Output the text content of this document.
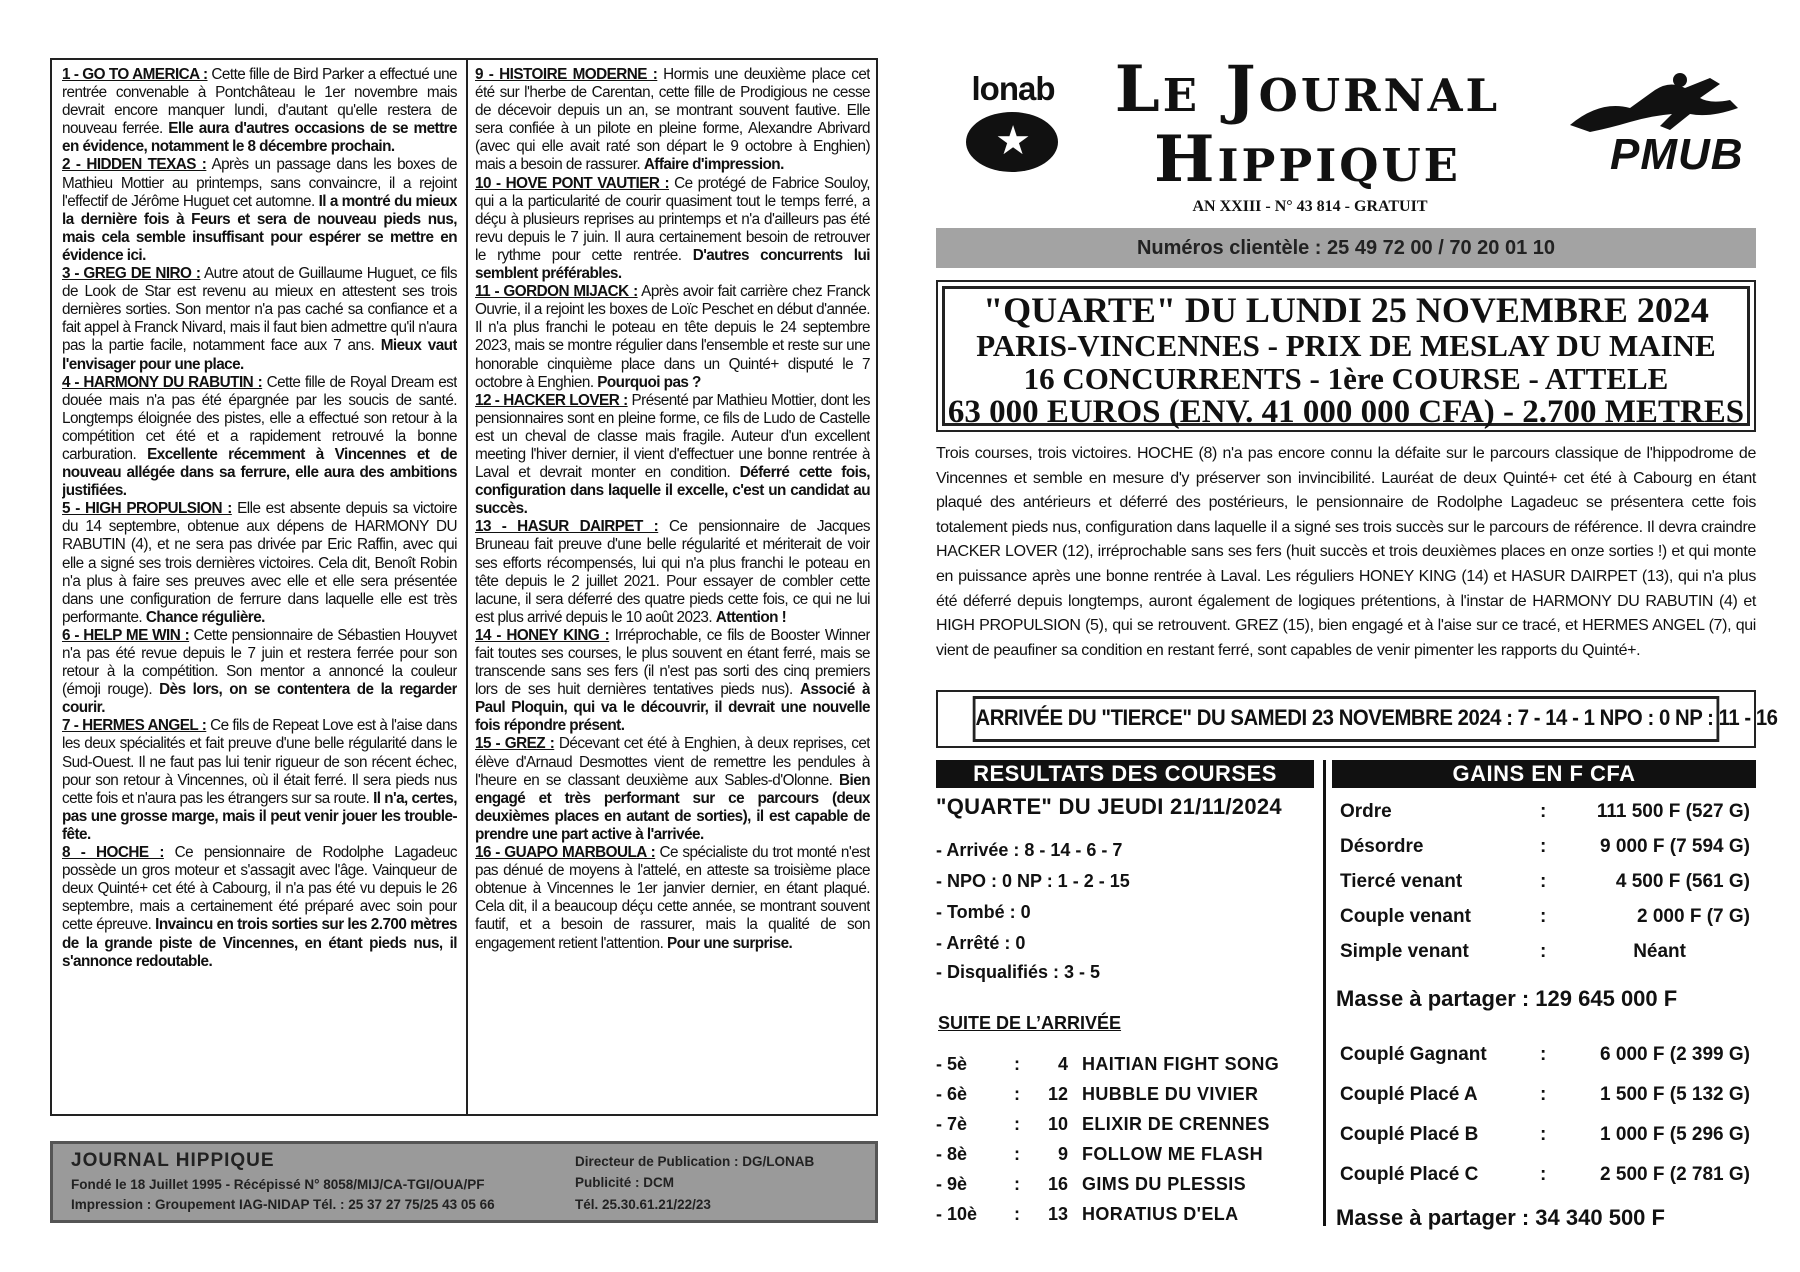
1 - GO TO AMERICA : Cette fille de Bird Parker a effectué une rentrée convenable à Pontchâteau le 1er novembre mais devrait encore manquer lundi, d'autant qu'elle restera de nouveau ferrée. Elle aura d'autres occasions de se mettre en évidence, notamment le 8 décembre prochain.

2 - HIDDEN TEXAS : Après un passage dans les boxes de Mathieu Mottier au printemps, sans convaincre, il a rejoint l'effectif de Jérôme Huguet cet automne. Il a montré du mieux la dernière fois à Feurs et sera de nouveau pieds nus, mais cela semble insuffisant pour espérer se mettre en évidence ici.

3 - GREG DE NIRO : Autre atout de Guillaume Huguet, ce fils de Look de Star est revenu au mieux en attestent ses trois dernières sorties. Son mentor n'a pas caché sa confiance et a fait appel à Franck Nivard, mais il faut bien admettre qu'il n'aura pas la partie facile, notamment face aux 7 ans. Mieux vaut l'envisager pour une place.

4 - HARMONY DU RABUTIN : Cette fille de Royal Dream est douée mais n'a pas été épargnée par les soucis de santé. Longtemps éloignée des pistes, elle a effectué son retour à la compétition cet été et a rapidement retrouvé la bonne carburation. Excellente récemment à Vincennes et de nouveau allégée dans sa ferrure, elle aura des ambitions justifiées.

5 - HIGH PROPULSION : Elle est absente depuis sa victoire du 14 septembre, obtenue aux dépens de HARMONY DU RABUTIN (4), et ne sera pas drivée par Eric Raffin, avec qui elle a signé ses trois dernières victoires. Cela dit, Benoît Robin n'a plus à faire ses preuves avec elle et elle sera présentée dans une configuration de ferrure dans laquelle elle est très performante. Chance régulière.

6 - HELP ME WIN : Cette pensionnaire de Sébastien Houyvet n'a pas été revue depuis le 7 juin et restera ferrée pour son retour à la compétition. Son mentor a annoncé la couleur (émoji rouge). Dès lors, on se contentera de la regarder courir.

7 - HERMES ANGEL : Ce fils de Repeat Love est à l'aise dans les deux spécialités et fait preuve d'une belle régularité dans le Sud-Ouest. Il ne faut pas lui tenir rigueur de son récent échec, pour son retour à Vincennes, où il était ferré. Il sera pieds nus cette fois et n'aura pas les étrangers sur sa route. Il n'a, certes, pas une grosse marge, mais il peut venir jouer les trouble-fête.

8 - HOCHE : Ce pensionnaire de Rodolphe Lagadeuc possède un gros moteur et s'assagit avec l'âge. Vainqueur de deux Quinté+ cet été à Cabourg, il n'a pas été vu depuis le 26 septembre, mais a certainement été préparé avec soin pour cette épreuve. Invaincu en trois sorties sur les 2.700 mètres de la grande piste de Vincennes, en étant pieds nus, il s'annonce redoutable.

9 - HISTOIRE MODERNE : Hormis une deuxième place cet été sur l'herbe de Carentan, cette fille de Prodigious ne cesse de décevoir depuis un an, se montrant souvent fautive. Elle sera confiée à un pilote en pleine forme, Alexandre Abrivard (avec qui elle avait raté son départ le 9 octobre à Enghien) mais a besoin de rassurer. Affaire d'impression.

10 - HOVE PONT VAUTIER : Ce protégé de Fabrice Souloy, qui a la particularité de courir quasiment tout le temps ferré, a déçu à plusieurs reprises au printemps et n'a d'ailleurs pas été revu depuis le 7 juin. Il aura certainement besoin de retrouver le rythme pour cette rentrée. D'autres concurrents lui semblent préférables.

11 - GORDON MIJACK : Après avoir fait carrière chez Franck Ouvrie, il a rejoint les boxes de Loïc Peschet en début d'année. Il n'a plus franchi le poteau en tête depuis le 24 septembre 2023, mais se montre régulier dans l'ensemble et reste sur une honorable cinquième place dans un Quinté+ disputé le 7 octobre à Enghien. Pourquoi pas ?

12 - HACKER LOVER : Présenté par Mathieu Mottier, dont les pensionnaires sont en pleine forme, ce fils de Ludo de Castelle est un cheval de classe mais fragile. Auteur d'un excellent meeting l'hiver dernier, il vient d'effectuer une bonne rentrée à Laval et devrait monter en condition. Déferré cette fois, configuration dans laquelle il excelle, c'est un candidat au succès.

13 - HASUR DAIRPET : Ce pensionnaire de Jacques Bruneau fait preuve d'une belle régularité et mériterait de voir ses efforts récompensés, lui qui n'a plus franchi le poteau en tête depuis le 2 juillet 2021. Pour essayer de combler cette lacune, il sera déferré des quatre pieds cette fois, ce qui ne lui est plus arrivé depuis le 10 août 2023. Attention !

14 - HONEY KING : Irréprochable, ce fils de Booster Winner fait toutes ses courses, le plus souvent en étant ferré, mais se transcende sans ses fers (il n'est pas sorti des cinq premiers lors de ses huit dernières tentatives pieds nus). Associé à Paul Ploquin, qui va le découvrir, il devrait une nouvelle fois répondre présent.

15 - GREZ : Décevant cet été à Enghien, à deux reprises, cet élève d'Arnaud Desmottes vient de remettre les pendules à l'heure en se classant deuxième aux Sables-d'Olonne. Bien engagé et très performant sur ce parcours (deux deuxièmes places en autant de sorties), il est capable de prendre une part active à l'arrivée.

16 - GUAPO MARBOULA : Ce spécialiste du trot monté n'est pas dénué de moyens à l'attelé, en atteste sa troisième place obtenue à Vincennes le 1er janvier dernier, en étant plaqué. Cela dit, il a beaucoup déçu cette année, se montrant souvent fautif, et a besoin de rassurer, mais la qualité de son engagement retient l'attention. Pour une surprise.

JOURNAL HIPPIQUE
Fondé le 18 Juillet 1995 - Récépissé N° 8058/MIJ/CA-TGI/OUA/PF
Impression : Groupement IAG-NIDAP Tél. : 25 37 27 75/25 43 05 66
Directeur de Publication : DG/LONAB
Publicité : DCM
Tél. 25.30.61.21/22/23
lonab
★
Le Journal
Hippique	PMUB
AN XXIII - N° 43 814 - GRATUIT
Numéros clientèle : 25 49 72 00 / 70 20 01 10
"QUARTE" DU LUNDI 25 NOVEMBRE 2024
PARIS-VINCENNES - PRIX DE MESLAY DU MAINE
16 CONCURRENTS - 1ère COURSE - ATTELE
63 000 EUROS (ENV. 41 000 000 CFA) - 2.700 METRES
Trois courses, trois victoires. HOCHE (8) n'a pas encore connu la défaite sur le parcours classique de l'hippodrome de Vincennes et semble en mesure d'y préserver son invincibilité. Lauréat de deux Quinté+ cet été à Cabourg en étant plaqué des antérieurs et déferré des postérieurs, le pensionnaire de Rodolphe Lagadeuc se présentera cette fois totalement pieds nus, configuration dans laquelle il a signé ses trois succès sur le parcours de référence. Il devra craindre HACKER LOVER (12), irréprochable sans ses fers (huit succès et trois deuxièmes places en onze sorties !) et qui monte en puissance après une bonne rentrée à Laval. Les réguliers HONEY KING (14) et HASUR DAIRPET (13), qui n'a plus été déferré depuis longtemps, auront également de logiques prétentions, à l'instar de HARMONY DU RABUTIN (4) et HIGH PROPULSION (5), qui se retrouvent. GREZ (15), bien engagé et à l'aise sur ce tracé, et HERMES ANGEL (7), qui vient de peaufiner sa condition en restant ferré, sont capables de venir pimenter les rapports du Quinté+.
ARRIVÉE DU "TIERCE" DU SAMEDI 23 NOVEMBRE 2024 : 7 - 14 - 1 NPO : 0 NP : 11 - 16
RESULTATS DES COURSES	GAINS EN F CFA
"QUARTE" DU JEUDI 21/11/2024
- Arrivée : 8 - 14 - 6 - 7
- NPO : 0 NP : 1 - 2 - 15
- Tombé : 0
- Arrêté : 0
- Disqualifiés : 3 - 5
SUITE DE L’ARRIVÉE
- 5è	:	4 HAITIAN FIGHT SONG
- 6è	:	12 HUBBLE DU VIVIER
- 7è	:	10 ELIXIR DE CRENNES
- 8è	:	9 FOLLOW ME FLASH
- 9è	:	16 GIMS DU PLESSIS
- 10è :	13 HORATIUS D'ELA
Ordre	:	111 500 F (527 G)
Désordre	:	9 000 F (7 594 G)
Tiercé venant	:	4 500 F (561 G)
Couple venant	:	2 000 F (7 G)
Simple venant	:	Néant
Masse à partager : 129 645 000 F
Couplé Gagnant	:	6 000 F (2 399 G)
Couplé Placé A	:	1 500 F (5 132 G)
Couplé Placé B	:	1 000 F (5 296 G)
Couplé Placé C	:	2 500 F (2 781 G)
Masse à partager : 34 340 500 F
